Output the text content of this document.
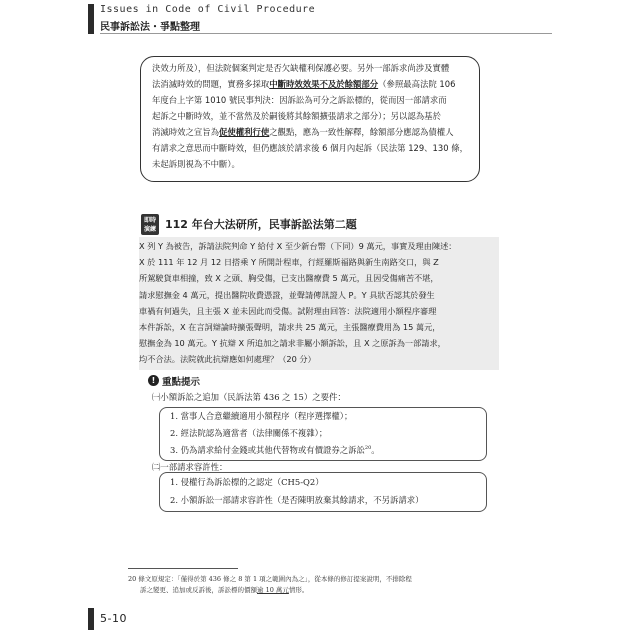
Issues in Code of Civil Procedure
民事訴訟法・爭點整理

決效力所及），但法院個案判定是否欠缺權利保護必要。另外一部訴求尚涉及實體

法消滅時效的問題，實務多採取中斷時效效果不及於餘額部分（參照最高法院 106

年度台上字第 1010 號民事判決：因訴訟為可分之訴訟標的，從而因一部請求而

起訴之中斷時效，並不當然及於嗣後將其餘額擴張請求之部分）；另以認為基於

消滅時效之宣旨為促使權利行使之觀點，應為一致性解釋，餘額部分應認為債權人

有請求之意思而中斷時效，但仍應該於請求後 6 個月內起訴（民法第 129、130 條，

未起訴則視為不中斷）。

即時
演練 112 年台大法研所，民事訴訟法第二題

X 列 Y 為被告，訴請法院判命 Y 給付 X 至少新台幣（下同）9 萬元，事實及理由陳述：

X 於 111 年 12 月 12 日搭乘 Y 所開計程車，行經羅斯福路與新生南路交口，與 Z

所駕駛貨車相撞，致 X 之頭、胸受傷，已支出醫療費 5 萬元，且因受傷痛苦不堪，

請求慰撫金 4 萬元，提出醫院收費憑證，並聲請傳訊證人 P。Y 具狀否認其於發生

車禍有何過失，且主張 X 並未因此而受傷。試附理由回答：法院適用小額程序審理

本件訴訟，X 在言詞辯論時擴張聲明，請求共 25 萬元，主張醫療費用為 15 萬元，

慰撫金為 10 萬元。Y 抗辯 X 所追加之請求非屬小額訴訟，且 X 之原訴為一部請求，

均不合法。法院就此抗辯應如何處理？（20 分）

! 重點提示
㈠小額訴訟之追加（民訴法第 436 之 15）之要件：
1. 當事人合意繼續適用小額程序（程序選擇權）；
2. 經法院認為適當者（法律關係不複雜）；
3. 仍為請求給付金錢或其他代替物或有價證券之訴訟$^{20}$。
㈡一部請求容許性：
1. 侵權行為訴訟標的之認定（CH5-Q2）
2. 小額訴訟一部請求容許性（是否陳明放棄其餘請求，不另訴請求）

20 條文原規定：「僅得於第 436 條之 8 第 1 項之範圍內為之」，從本條的修訂提案說明，不排除程

訴之變更、追加或反訴後，訴訟標的價額逾 10 萬元情形。

5-10
